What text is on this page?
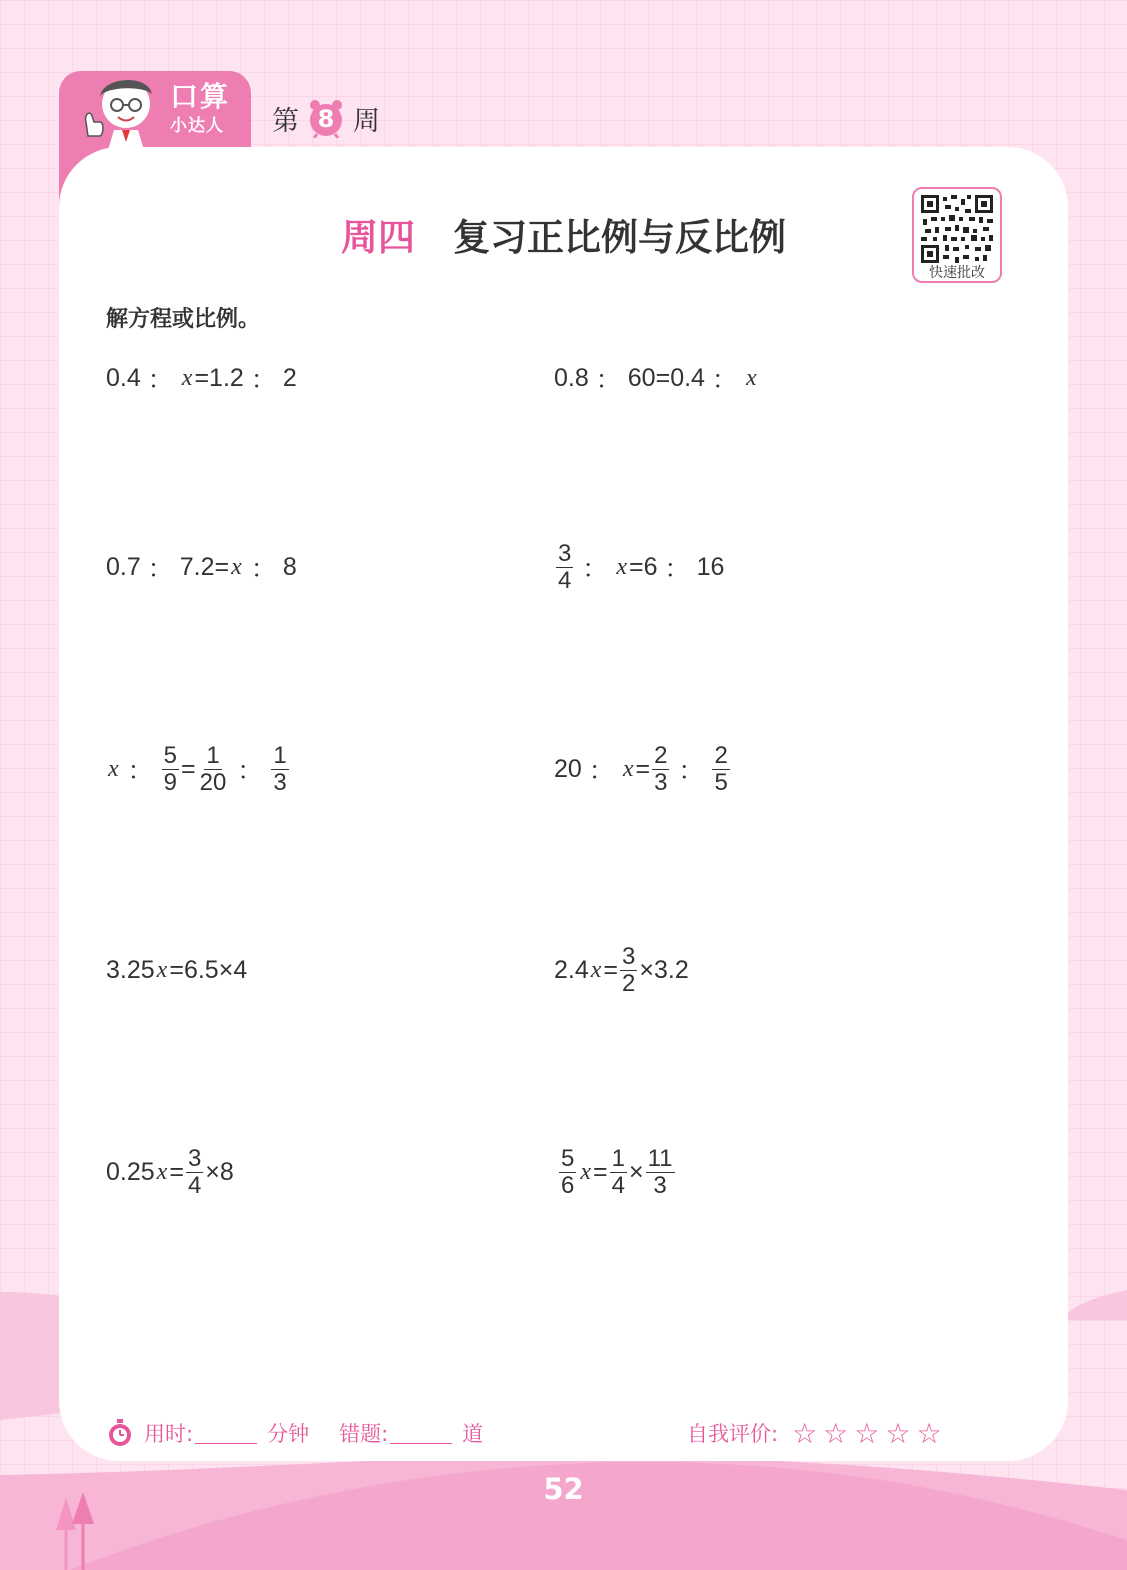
口算
小达人 第 8 周
周四 复习正比例与反比例
快速批改
解方程或比例。
0.4 ： x = 1.2 ： 2	0.8 ： 60 = 0.4 ： x
0.7 ： 7.2 = x ： 8	$\frac{3}{4}$ ： x = 6 ： 16
x ： $\frac{5}{9} = \frac{1}{20}$ ： $\frac{1}{3}$	20 ： $x = \frac{2}{3}$ ： $\frac{2}{5}$
3.25 x = 6.5 × 4	2.4 $x = \frac{3}{2} \times 3.2$
0.25 $x = \frac{3}{4} \times 8$	$\frac{5}{6}$ $x = \frac{1}{4} \times \frac{11}{3}$
用时:	分钟 错题:	道	自我评价: ☆☆☆☆☆
52
